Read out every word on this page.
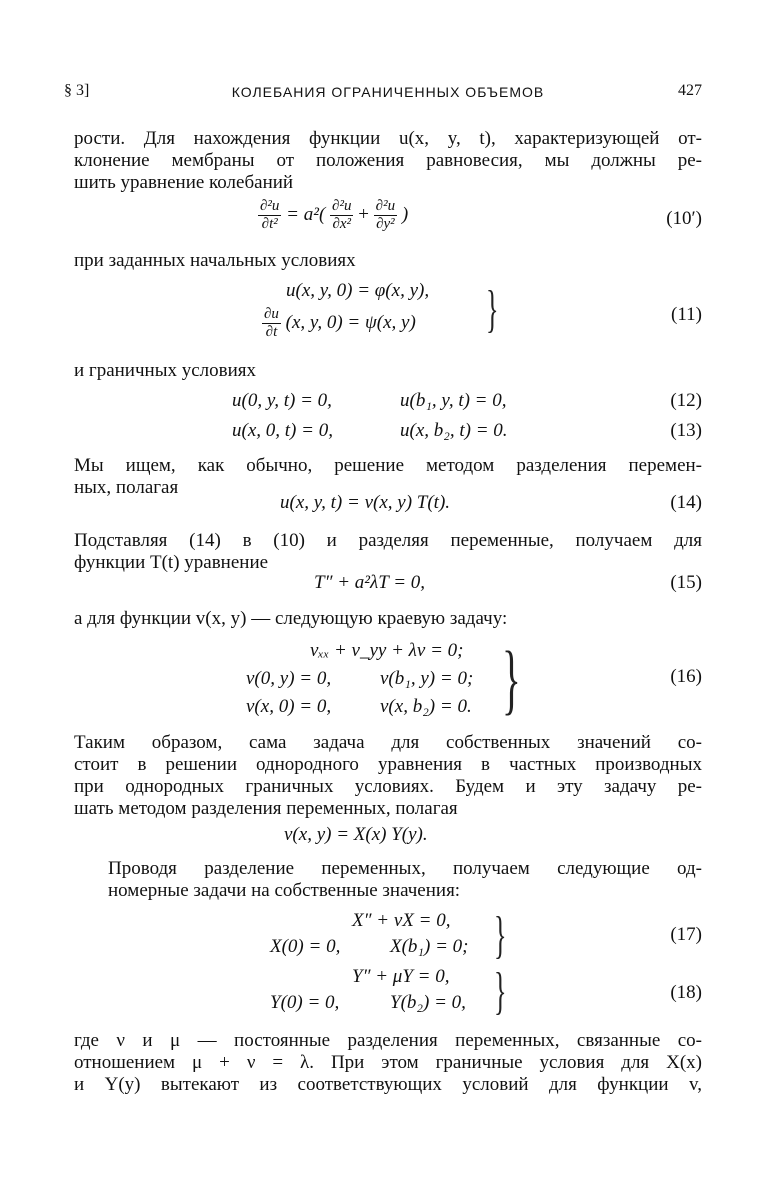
§ 3]	КОЛЕБАНИЯ ОГРАНИЧЕННЫХ ОБЪЕМОВ	427
рости. Для нахождения функции u(x, y, t), характеризующей от-
клонение мембраны от положения равновесия, мы должны ре-
шить уравнение колебаний
$\frac{\text{∂²u}}{\text{∂t²}} = a^2( \frac{\text{∂²u}}{\text{∂x²}} + \frac{\text{∂²u}}{\text{∂y²}}$ )	(10′)
при заданных начальных условиях
u(x, y, 0) = φ(x, y),
$\frac{\partial u}{\partial t} (x$, y, 0) = ψ(x, y) }	(11)
и граничных условиях
u(0, y, t) = 0,	u(b₁, y, t) = 0,	(12)
u(x, 0, t) = 0,	u(x, b₂, t) = 0.	(13)
Мы ищем, как обычно, решение методом разделения перемен-
ных, полагая
u(x, y, t) = v(x, y) T(t).	(14)
Подставляя (14) в (10) и разделяя переменные, получаем для
функции T(t) уравнение
T″ + a²λT = 0,	(15)
а для функции v(x, y) — следующую краевую задачу:
vₓₓ + v_yy + λv = 0;
v(0, y) = 0,	v(b₁, y) = 0;
v(x, 0) = 0,	v(x, b₂) = 0. }	(16)
Таким образом, сама задача для собственных значений со-
стоит в решении однородного уравнения в частных производных
при однородных граничных условиях. Будем и эту задачу ре-
шать методом разделения переменных, полагая
v(x, y) = X(x) Y(y).
Проводя разделение переменных, получаем следующие од-
номерные задачи на собственные значения:
X″ + νX = 0,
X(0) = 0,	X(b₁) = 0; }	(17)
Y″ + μY = 0,
Y(0) = 0,	Y(b₂) = 0, }	(18)
где ν и μ — постоянные разделения переменных, связанные со-
отношением μ + ν = λ. При этом граничные условия для X(x)
и Y(y) вытекают из соответствующих условий для функции v,
